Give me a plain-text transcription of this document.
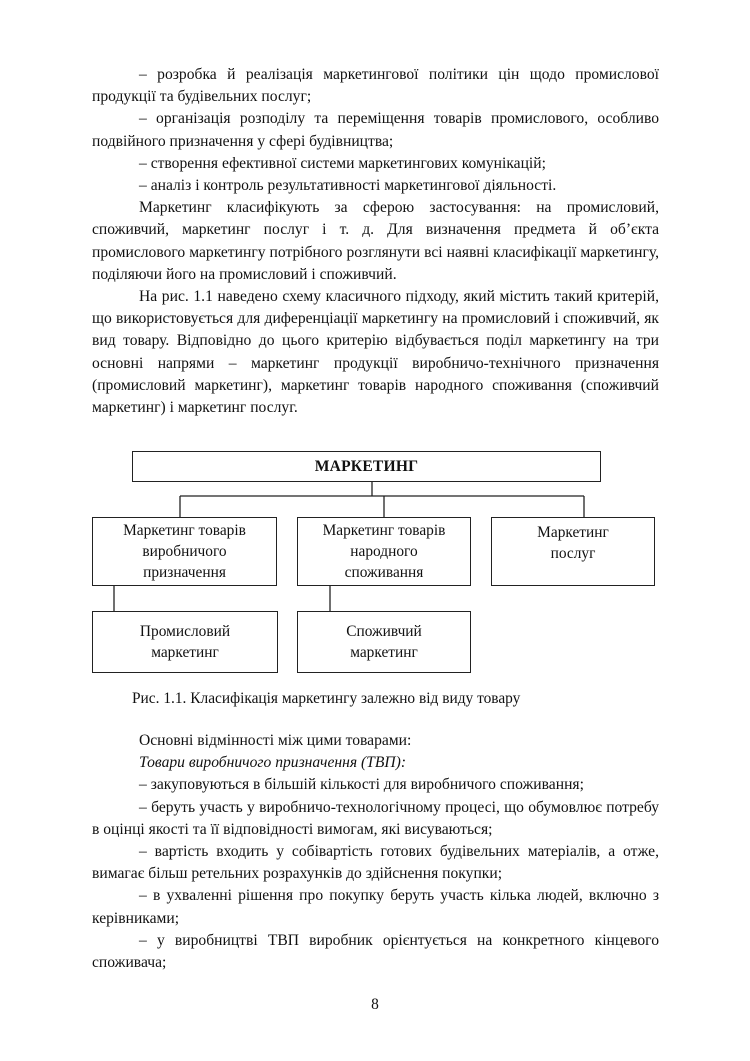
– розробка й реалізація маркетингової політики цін щодо промислової продукції та будівельних послуг;

– організація розподілу та переміщення товарів промислового, особливо подвійного призначення у сфері будівництва;

– створення ефективної системи маркетингових комунікацій;

– аналіз і контроль результативності маркетингової діяльності.

Маркетинг класифікують за сферою застосування: на промисловий, споживчий, маркетинг послуг і т. д. Для визначення предмета й об’єкта промислового маркетингу потрібного розглянути всі наявні класифікації маркетингу, поділяючи його на промисловий і споживчий.

На рис. 1.1 наведено схему класичного підходу, який містить такий критерій, що використовується для диференціації маркетингу на промисловий і споживчий, як вид товару. Відповідно до цього критерію відбувається поділ маркетингу на три основні напрями – маркетинг продукції виробничо-технічного призначення (промисловий маркетинг), маркетинг товарів народного споживання (споживчий маркетинг) і маркетинг послуг.

МАРКЕТИНГ
Маркетинг товарів
виробничого
призначення
Маркетинг товарів
народного
споживання
Маркетинг
послуг
Промисловий
маркетинг
Споживчий
маркетинг
Рис. 1.1. Класифікація маркетингу залежно від виду товару

Основні відмінності між цими товарами:

Товари виробничого призначення (ТВП):

– закуповуються в більшій кількості для виробничого споживання;

– беруть участь у виробничо-технологічному процесі, що обумовлює потребу в оцінці якості та її відповідності вимогам, які висуваються;

– вартість входить у собівартість готових будівельних матеріалів, а отже, вимагає більш ретельних розрахунків до здійснення покупки;

– в ухваленні рішення про покупку беруть участь кілька людей, включно з керівниками;

– у виробництві ТВП виробник орієнтується на конкретного кінцевого споживача;

8
